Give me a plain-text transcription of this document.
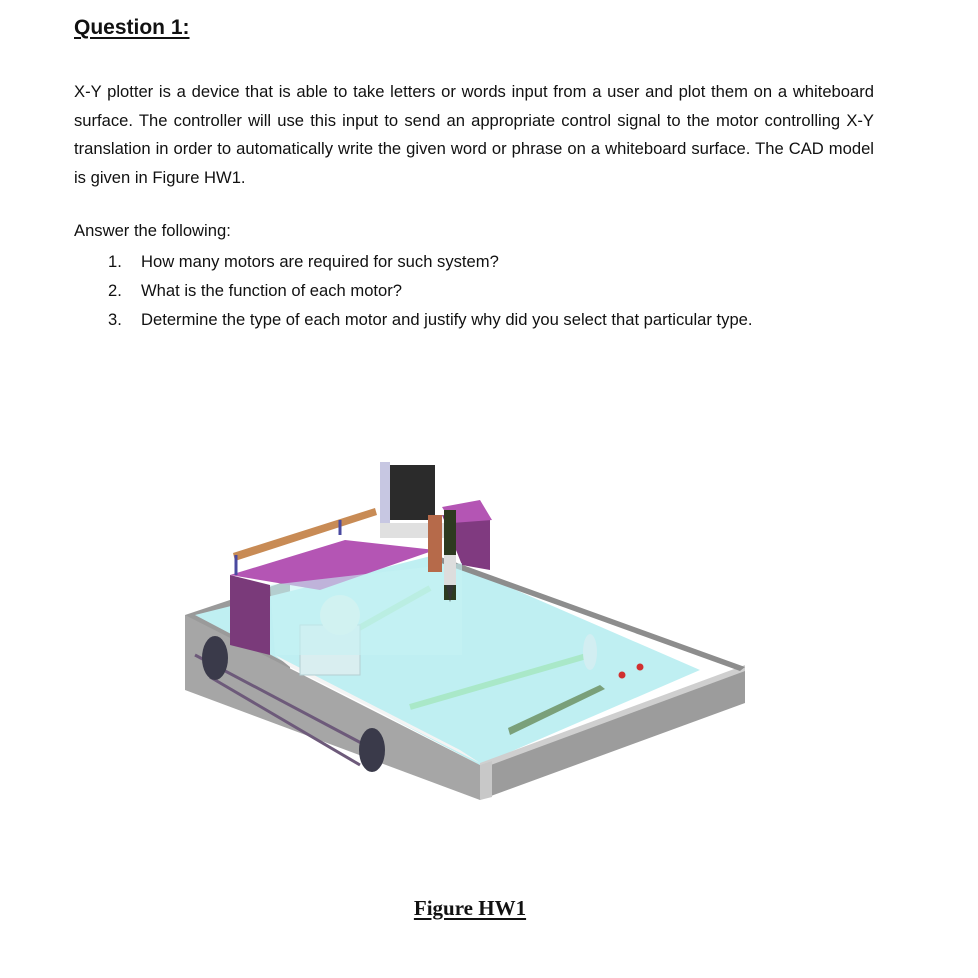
Question 1:
X-Y plotter is a device that is able to take letters or words input from a user and plot them on a whiteboard surface. The controller will use this input to send an appropriate control signal to the motor controlling X-Y translation in order to automatically write the given word or phrase on a whiteboard surface. The CAD model is given in Figure HW1.
Answer the following:
1.	How many motors are required for such system?
2.	What is the function of each motor?
3.	Determine the type of each motor and justify why did you select that particular type.
Figure HW1
